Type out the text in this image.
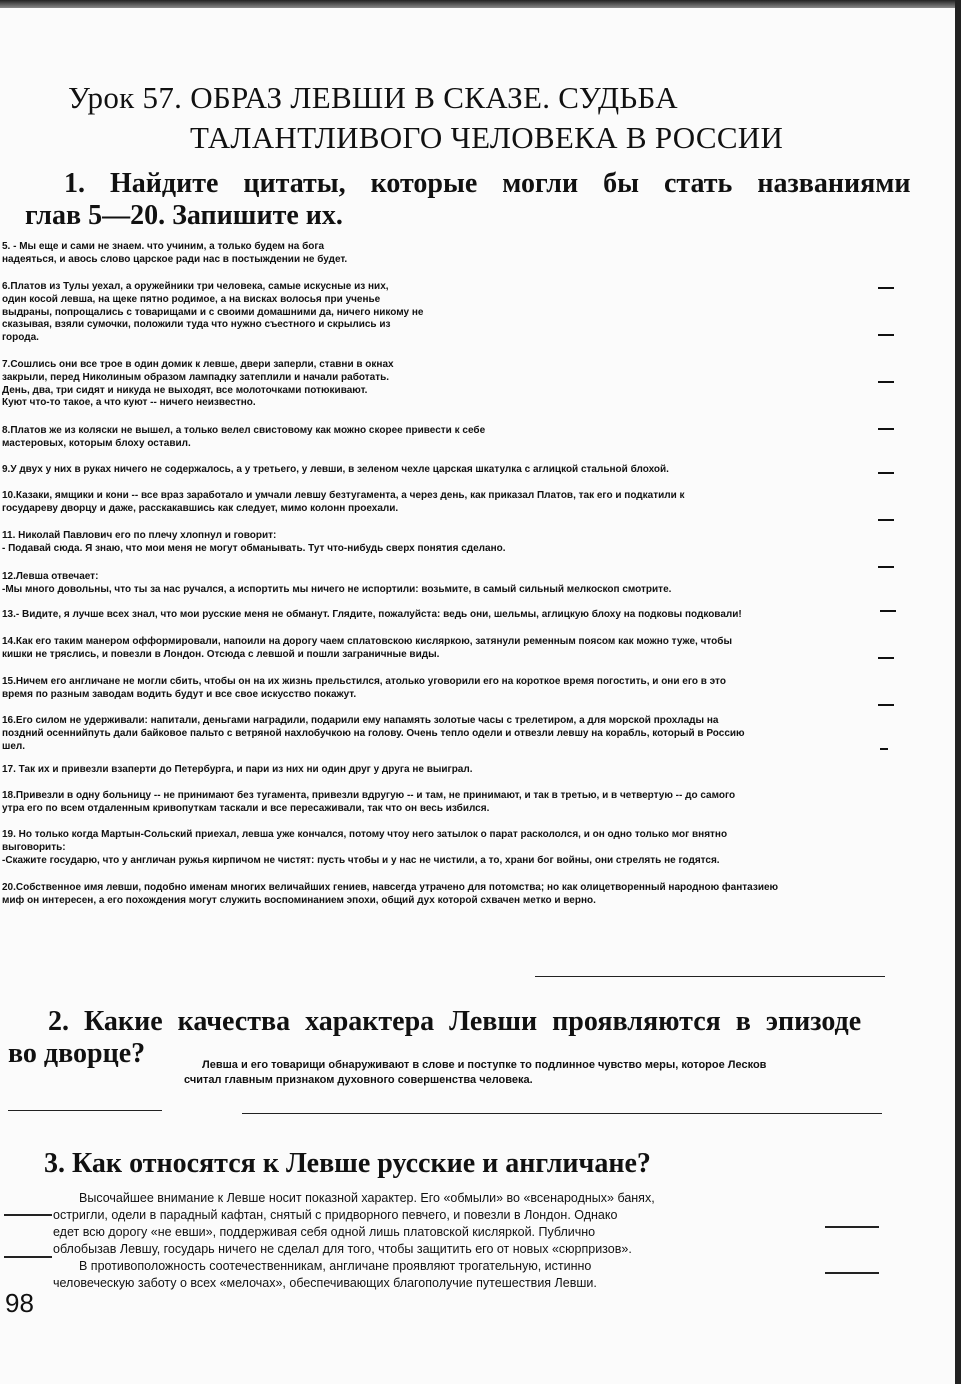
Урок 57. ОБРАЗ ЛЕВШИ В СКАЗЕ. СУДЬБА
ТАЛАНТЛИВОГО ЧЕЛОВЕКА В РОССИИ
1. Найдите цитаты, которые могли бы стать названиями
глав 5—20. Запишите их.
5. - Мы еще и сами не знаем. что учиним, а только будем на бога
надеяться, и авось слово царское ради нас в постыждении не будет.
6.Платов из Тулы уехал, а оружейники три человека, самые искусные из них,
один косой левша, на щеке пятно родимое, а на висках волосья при ученье
выдраны, попрощались с товарищами и с своими домашними да, ничего никому не
сказывая, взяли сумочки, положили туда что нужно съестного и скрылись из
города.
7.Сошлись они все трое в один домик к левше, двери заперли, ставни в окнах
закрыли, перед Николиным образом лампадку затеплили и начали работать.
День, два, три сидят и никуда не выходят, все молоточками потюкивают.
Куют что-то такое, а что куют -- ничего неизвестно.
8.Платов же из коляски не вышел, а только велел свистовому как можно скорее привести к себе
мастеровых, которым блоху оставил.
9.У двух у них в руках ничего не содержалось, а у третьего, у левши, в зеленом чехле царская шкатулка с аглицкой стальной блохой.
10.Казаки, ямщики и кони -- все враз заработало и умчали левшу безтугамента, а через день, как приказал Платов, так его и подкатили к
государеву дворцу и даже, расскакавшись как следует, мимо колонн проехали.
11. Николай Павлович его по плечу хлопнул и говорит:
- Подавай сюда. Я знаю, что мои меня не могут обманывать. Тут что-нибудь сверх понятия сделано.
12.Левша отвечает:
-Мы много довольны, что ты за нас ручался, а испортить мы ничего не испортили: возьмите, в самый сильный мелкоскоп смотрите.
13.- Видите, я лучше всех знал, что мои русские меня не обманут. Глядите, пожалуйста: ведь они, шельмы, аглицкую блоху на подковы подковали!
14.Как его таким манером офформировали, напоили на дорогу чаем сплатовскою кисляркою, затянули ременным поясом как можно туже, чтобы
кишки не тряслись, и повезли в Лондон. Отсюда с левшой и пошли заграничные виды.
15.Ничем его англичане не могли сбить, чтобы он на их жизнь прельстился, атолько уговорили его на короткое время погостить, и они его в это
время по разным заводам водить будут и все свое искусство покажут.
16.Его силом не удерживали: напитали, деньгами наградили, подарили ему напамять золотые часы с трелетиром, а для морской прохлады на
поздний осеннийпуть дали байковое пальто с ветряной нахлобучкою на голову. Очень тепло одели и отвезли левшу на корабль, который в Россию
шел.
17. Так их и привезли взаперти до Петербурга, и пари из них ни один друг у друга не выиграл.
18.Привезли в одну больницу -- не принимают без тугамента, привезли вдругую -- и там, не принимают, и так в третью, и в четвертую -- до самого
утра его по всем отдаленным кривопуткам таскали и все пересаживали, так что он весь избился.
19. Но только когда Мартын-Сольский приехал, левша уже кончался, потому чтоу него затылок о парат раскололся, и он одно только мог внятно
выговорить:
-Скажите государю, что у англичан ружья кирпичом не чистят: пусть чтобы и у нас не чистили, а то, храни бог войны, они стрелять не годятся.
20.Собственное имя левши, подобно именам многих величайших гениев, навсегда утрачено для потомства; но как олицетворенный народною фантазиею
миф он интересен, а его похождения могут служить воспоминанием эпохи, общий дух которой схвачен метко и верно.
2. Какие качества характера Левши проявляются в эпизоде
во дворце?	Левша и его товарищи обнаруживают в слове и поступке то подлинное чувство меры, которое Лесков
считал главным признаком духовного совершенства человека.
3. Как относятся к Левше русские и англичане?
Высочайшее внимание к Левше носит показной характер. Его «обмыли» во «всенародных» банях,
остригли, одели в парадный кафтан, снятый с придворного певчего, и повезли в Лондон. Однако
едет всю дорогу «не евши», поддерживая себя одной лишь платовской кисляркой. Публично
облобызав Левшу, государь ничего не сделал для того, чтобы защитить его от новых «сюрпризов».
В противоположность соотечественникам, англичане проявляют трогательную, истинно
человеческую заботу о всех «мелочах», обеспечивающих благополучие путешествия Левши.
98
